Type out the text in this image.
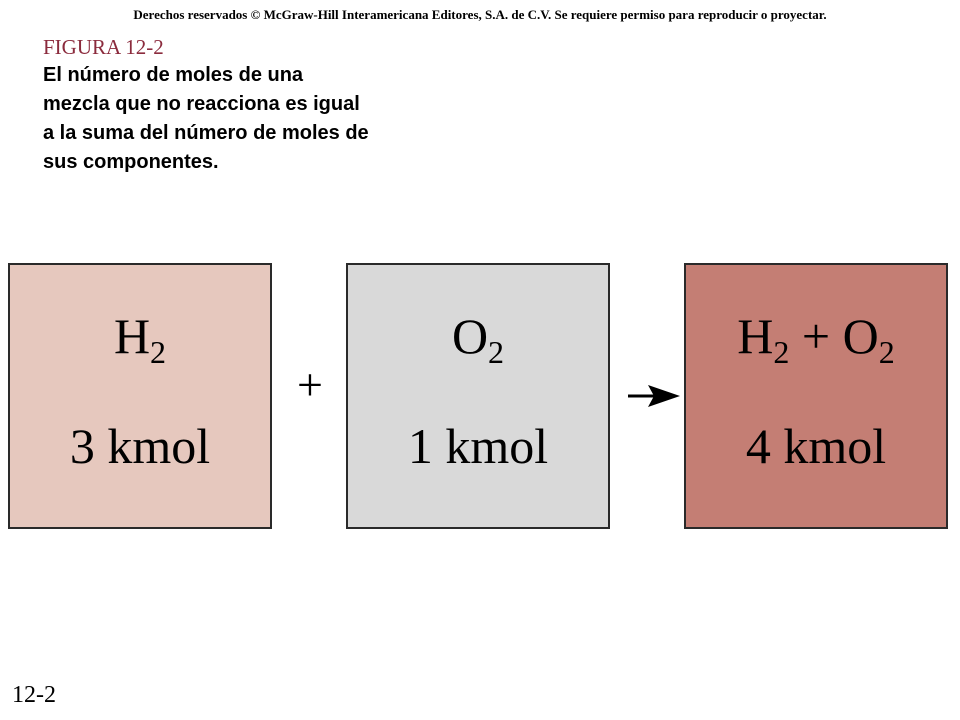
Derechos reservados © McGraw-Hill Interamericana Editores, S.A. de C.V. Se requiere permiso para reproducir o proyectar.
FIGURA 12-2
El número de moles de una mezcla que no reacciona es igual a la suma del número de moles de sus componentes.
$H_2$
3 kmol
+
$O_2$
1 kmol
$H_2 + O_2$
4 kmol
12-2
